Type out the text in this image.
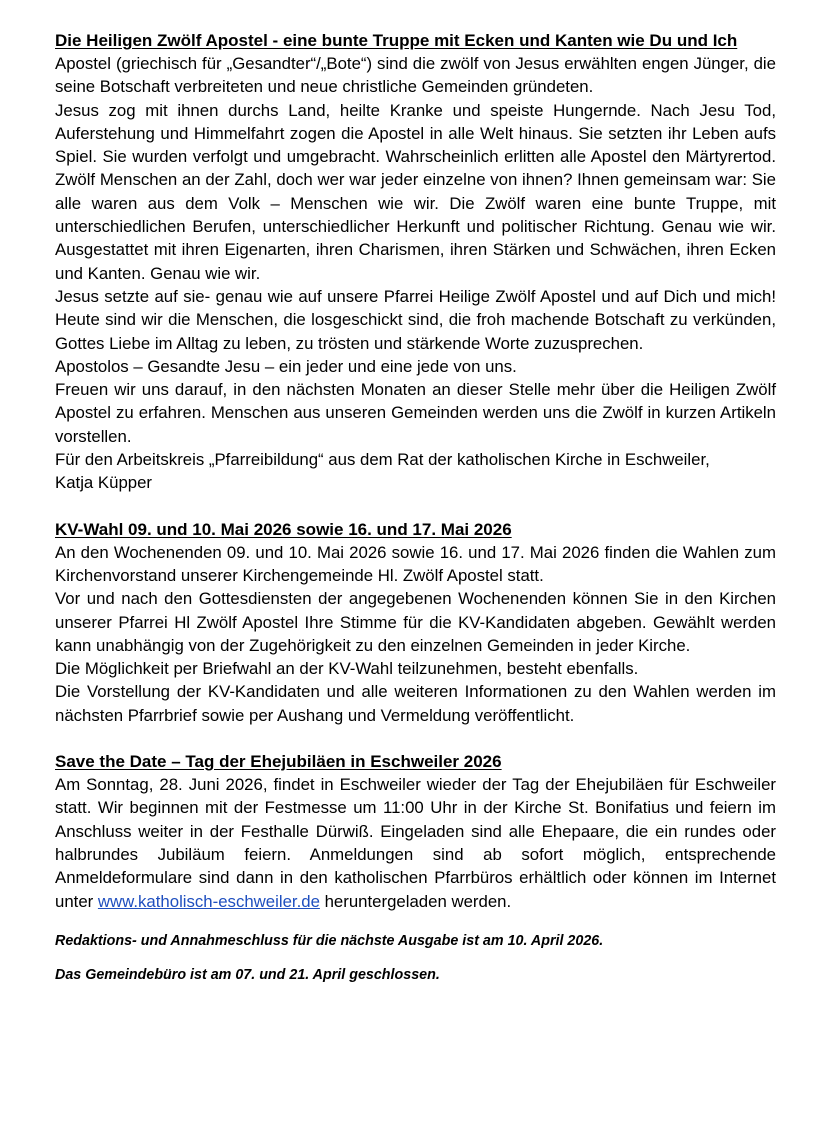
Die Heiligen Zwölf Apostel - eine bunte Truppe mit Ecken und Kanten wie Du und Ich

Apostel (griechisch für „Gesandter“/„Bote“) sind die zwölf von Jesus erwählten engen Jünger, die seine Botschaft verbreiteten und neue christliche Gemeinden gründeten.

Jesus zog mit ihnen durchs Land, heilte Kranke und speiste Hungernde. Nach Jesu Tod, Auferstehung und Himmelfahrt zogen die Apostel in alle Welt hinaus. Sie setzten ihr Leben aufs Spiel. Sie wurden verfolgt und umgebracht. Wahrscheinlich erlitten alle Apostel den Märtyrertod. Zwölf Menschen an der Zahl, doch wer war jeder einzelne von ihnen? Ihnen gemeinsam war: Sie alle waren aus dem Volk – Menschen wie wir. Die Zwölf waren eine bunte Truppe, mit unterschiedlichen Berufen, unterschiedlicher Herkunft und politischer Richtung. Genau wie wir. Ausgestattet mit ihren Eigenarten, ihren Charismen, ihren Stärken und Schwächen, ihren Ecken und Kanten. Genau wie wir.

Jesus setzte auf sie- genau wie auf unsere Pfarrei Heilige Zwölf Apostel und auf Dich und mich! Heute sind wir die Menschen, die losgeschickt sind, die froh machende Botschaft zu verkünden, Gottes Liebe im Alltag zu leben, zu trösten und stärkende Worte zuzusprechen.

Apostolos – Gesandte Jesu – ein jeder und eine jede von uns.

Freuen wir uns darauf, in den nächsten Monaten an dieser Stelle mehr über die Heiligen Zwölf Apostel zu erfahren. Menschen aus unseren Gemeinden werden uns die Zwölf in kurzen Artikeln vorstellen.

Für den Arbeitskreis „Pfarreibildung“ aus dem Rat der katholischen Kirche in Eschweiler,

Katja Küpper

KV-Wahl 09. und 10. Mai 2026 sowie 16. und 17. Mai 2026

An den Wochenenden 09. und 10. Mai 2026 sowie 16. und 17. Mai 2026 finden die Wahlen zum Kirchenvorstand unserer Kirchengemeinde Hl. Zwölf Apostel statt.

Vor und nach den Gottesdiensten der angegebenen Wochenenden können Sie in den Kirchen unserer Pfarrei Hl Zwölf Apostel Ihre Stimme für die KV-Kandidaten abgeben. Gewählt werden kann unabhängig von der Zugehörigkeit zu den einzelnen Gemeinden in jeder Kirche.

Die Möglichkeit per Briefwahl an der KV-Wahl teilzunehmen, besteht ebenfalls.

Die Vorstellung der KV-Kandidaten und alle weiteren Informationen zu den Wahlen werden im nächsten Pfarrbrief sowie per Aushang und Vermeldung veröffentlicht.

Save the Date – Tag der Ehejubiläen in Eschweiler 2026

Am Sonntag, 28. Juni 2026, findet in Eschweiler wieder der Tag der Ehejubiläen für Eschweiler statt. Wir beginnen mit der Festmesse um 11:00 Uhr in der Kirche St. Bonifatius und feiern im Anschluss weiter in der Festhalle Dürwiß. Eingeladen sind alle Ehepaare, die ein rundes oder halbrundes Jubiläum feiern. Anmeldungen sind ab sofort möglich, entsprechende Anmeldeformulare sind dann in den katholischen Pfarrbüros erhältlich oder können im Internet unter www.katholisch-eschweiler.de heruntergeladen werden.

Redaktions- und Annahmeschluss für die nächste Ausgabe ist am 10. April 2026.

Das Gemeindebüro ist am 07. und 21. April geschlossen.
